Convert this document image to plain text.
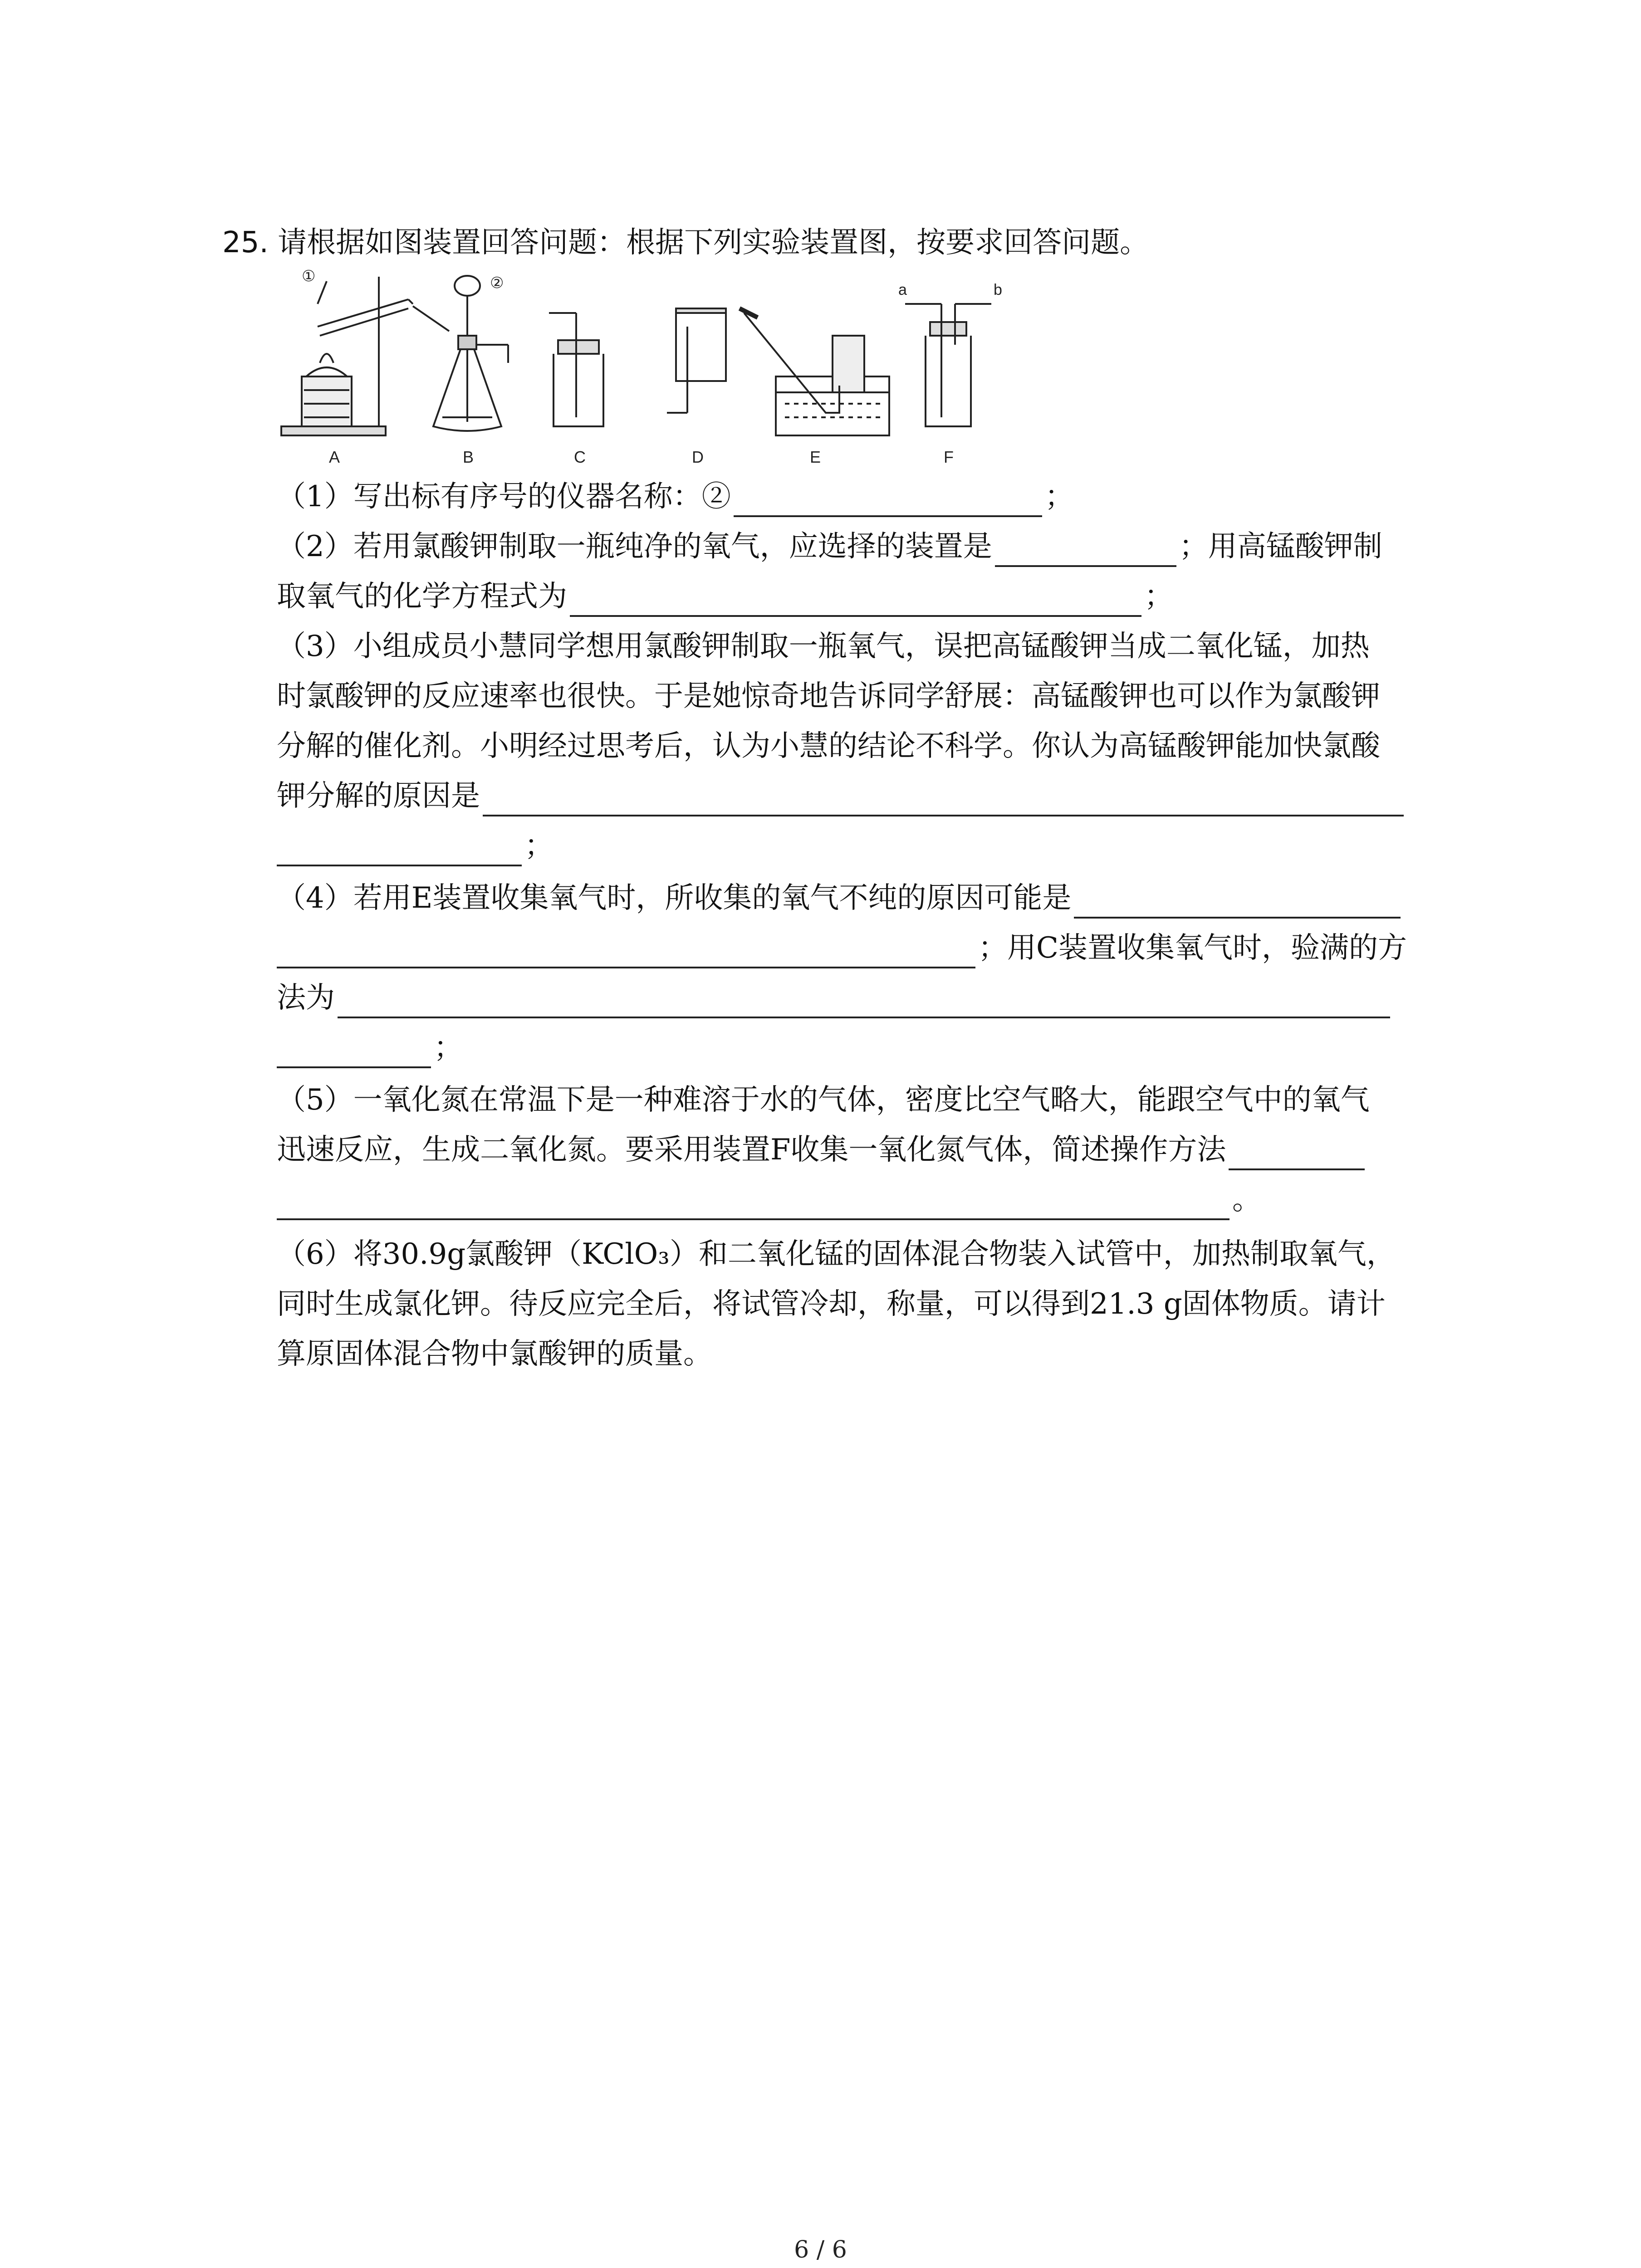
25. 请根据如图装置回答问题：根据下列实验装置图，按要求回答问题。
①
A
②
B	C	D	E
a	b
F
（1）写出标有序号的仪器名称：②	；
（2）若用氯酸钾制取一瓶纯净的氧气，应选择的装置是	；用高锰酸钾制
取氧气的化学方程式为	；
（3）小组成员小慧同学想用氯酸钾制取一瓶氧气，误把高锰酸钾当成二氧化锰，加热
时氯酸钾的反应速率也很快。于是她惊奇地告诉同学舒展：高锰酸钾也可以作为氯酸钾
分解的催化剂。小明经过思考后，认为小慧的结论不科学。你认为高锰酸钾能加快氯酸
钾分解的原因是
；
（4）若用E装置收集氧气时，所收集的氧气不纯的原因可能是
；用C装置收集氧气时，验满的方
法为
；
（5）一氧化氮在常温下是一种难溶于水的气体，密度比空气略大，能跟空气中的氧气
迅速反应，生成二氧化氮。要采用装置F收集一氧化氮气体，简述操作方法
。
（6）将30.9g氯酸钾（KClO₃）和二氧化锰的固体混合物装入试管中，加热制取氧气，
同时生成氯化钾。待反应完全后，将试管冷却，称量，可以得到21.3 g固体物质。请计
算原固体混合物中氯酸钾的质量。
6 / 6
